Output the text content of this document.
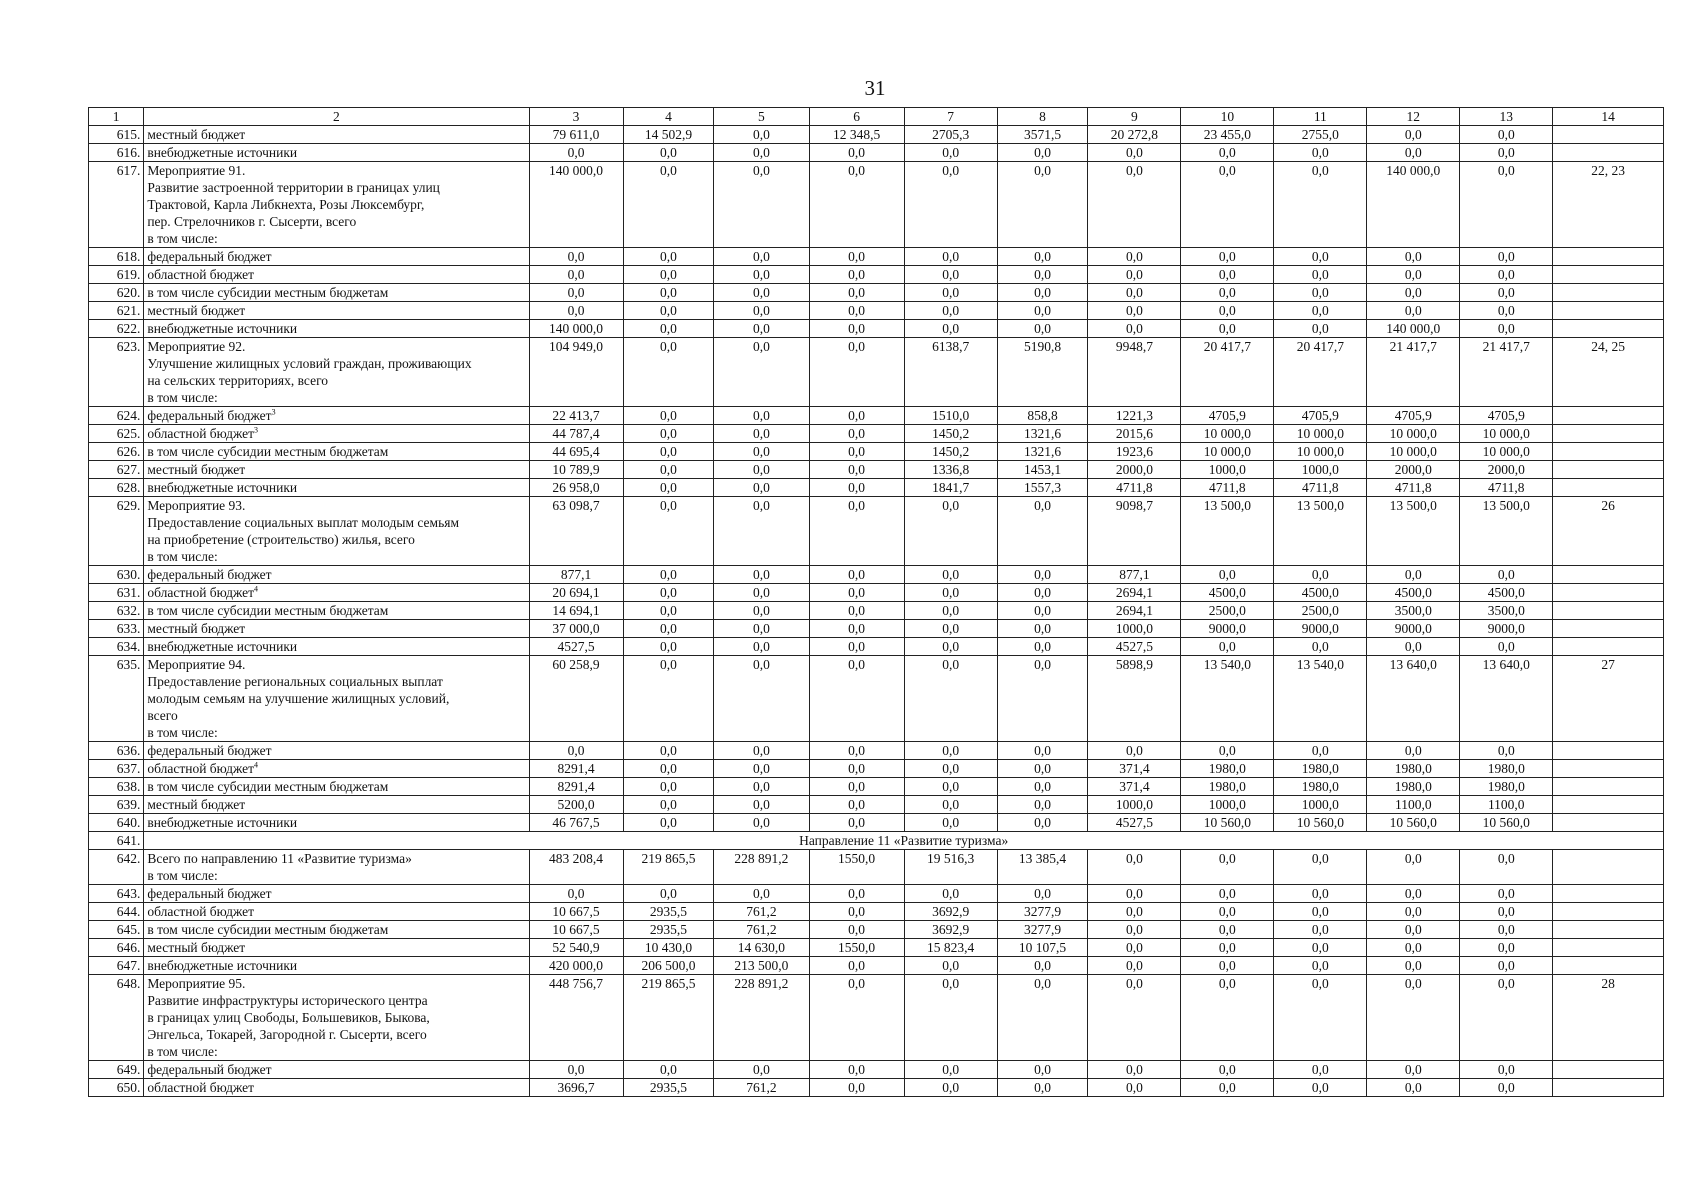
31
1	2	3	4	5	6	7	8	9	10	11	12	13	14
615.	местный бюджет	79 611,0	14 502,9	0,0	12 348,5	2705,3	3571,5	20 272,8	23 455,0	2755,0	0,0	0,0	
616.	внебюджетные источники	0,0	0,0	0,0	0,0	0,0	0,0	0,0	0,0	0,0	0,0	0,0	
617.	Мероприятие 91.
Развитие застроенной территории в границах улиц
Трактовой, Карла Либкнехта, Розы Люксембург,
пер. Стрелочников г. Сысерти, всего
в том числе:	140 000,0	0,0	0,0	0,0	0,0	0,0	0,0	0,0	0,0	140 000,0	0,0	22, 23
618.	федеральный бюджет	0,0	0,0	0,0	0,0	0,0	0,0	0,0	0,0	0,0	0,0	0,0	
619.	областной бюджет	0,0	0,0	0,0	0,0	0,0	0,0	0,0	0,0	0,0	0,0	0,0	
620.	в том числе субсидии местным бюджетам	0,0	0,0	0,0	0,0	0,0	0,0	0,0	0,0	0,0	0,0	0,0	
621.	местный бюджет	0,0	0,0	0,0	0,0	0,0	0,0	0,0	0,0	0,0	0,0	0,0	
622.	внебюджетные источники	140 000,0	0,0	0,0	0,0	0,0	0,0	0,0	0,0	0,0	140 000,0	0,0	
623.	Мероприятие 92.
Улучшение жилищных условий граждан, проживающих
на сельских территориях, всего
в том числе:	104 949,0	0,0	0,0	0,0	6138,7	5190,8	9948,7	20 417,7	20 417,7	21 417,7	21 417,7	24, 25
624.	федеральный бюджет$^3$	22 413,7	0,0	0,0	0,0	1510,0	858,8	1221,3	4705,9	4705,9	4705,9	4705,9	
625.	областной бюджет$^3$	44 787,4	0,0	0,0	0,0	1450,2	1321,6	2015,6	10 000,0	10 000,0	10 000,0	10 000,0	
626.	в том числе субсидии местным бюджетам	44 695,4	0,0	0,0	0,0	1450,2	1321,6	1923,6	10 000,0	10 000,0	10 000,0	10 000,0	
627.	местный бюджет	10 789,9	0,0	0,0	0,0	1336,8	1453,1	2000,0	1000,0	1000,0	2000,0	2000,0	
628.	внебюджетные источники	26 958,0	0,0	0,0	0,0	1841,7	1557,3	4711,8	4711,8	4711,8	4711,8	4711,8	
629.	Мероприятие 93.
Предоставление социальных выплат молодым семьям
на приобретение (строительство) жилья, всего
в том числе:	63 098,7	0,0	0,0	0,0	0,0	0,0	9098,7	13 500,0	13 500,0	13 500,0	13 500,0	26
630.	федеральный бюджет	877,1	0,0	0,0	0,0	0,0	0,0	877,1	0,0	0,0	0,0	0,0	
631.	областной бюджет$^4$	20 694,1	0,0	0,0	0,0	0,0	0,0	2694,1	4500,0	4500,0	4500,0	4500,0	
632.	в том числе субсидии местным бюджетам	14 694,1	0,0	0,0	0,0	0,0	0,0	2694,1	2500,0	2500,0	3500,0	3500,0	
633.	местный бюджет	37 000,0	0,0	0,0	0,0	0,0	0,0	1000,0	9000,0	9000,0	9000,0	9000,0	
634.	внебюджетные источники	4527,5	0,0	0,0	0,0	0,0	0,0	4527,5	0,0	0,0	0,0	0,0	
635.	Мероприятие 94.
Предоставление региональных социальных выплат
молодым семьям на улучшение жилищных условий,
всего
в том числе:	60 258,9	0,0	0,0	0,0	0,0	0,0	5898,9	13 540,0	13 540,0	13 640,0	13 640,0	27
636.	федеральный бюджет	0,0	0,0	0,0	0,0	0,0	0,0	0,0	0,0	0,0	0,0	0,0	
637.	областной бюджет$^4$	8291,4	0,0	0,0	0,0	0,0	0,0	371,4	1980,0	1980,0	1980,0	1980,0	
638.	в том числе субсидии местным бюджетам	8291,4	0,0	0,0	0,0	0,0	0,0	371,4	1980,0	1980,0	1980,0	1980,0	
639.	местный бюджет	5200,0	0,0	0,0	0,0	0,0	0,0	1000,0	1000,0	1000,0	1100,0	1100,0	
640.	внебюджетные источники	46 767,5	0,0	0,0	0,0	0,0	0,0	4527,5	10 560,0	10 560,0	10 560,0	10 560,0	
641.	Направление 11 «Развитие туризма»												
642.	Всего по направлению 11 «Развитие туризма»
в том числе:	483 208,4	219 865,5	228 891,2	1550,0	19 516,3	13 385,4	0,0	0,0	0,0	0,0	0,0	
643.	федеральный бюджет	0,0	0,0	0,0	0,0	0,0	0,0	0,0	0,0	0,0	0,0	0,0	
644.	областной бюджет	10 667,5	2935,5	761,2	0,0	3692,9	3277,9	0,0	0,0	0,0	0,0	0,0	
645.	в том числе субсидии местным бюджетам	10 667,5	2935,5	761,2	0,0	3692,9	3277,9	0,0	0,0	0,0	0,0	0,0	
646.	местный бюджет	52 540,9	10 430,0	14 630,0	1550,0	15 823,4	10 107,5	0,0	0,0	0,0	0,0	0,0	
647.	внебюджетные источники	420 000,0	206 500,0	213 500,0	0,0	0,0	0,0	0,0	0,0	0,0	0,0	0,0	
648.	Мероприятие 95.
Развитие инфраструктуры исторического центра
в границах улиц Свободы, Большевиков, Быкова,
Энгельса, Токарей, Загородной г. Сысерти, всего
в том числе:	448 756,7	219 865,5	228 891,2	0,0	0,0	0,0	0,0	0,0	0,0	0,0	0,0	28
649.	федеральный бюджет	0,0	0,0	0,0	0,0	0,0	0,0	0,0	0,0	0,0	0,0	0,0	
650.	областной бюджет	3696,7	2935,5	761,2	0,0	0,0	0,0	0,0	0,0	0,0	0,0	0,0	
